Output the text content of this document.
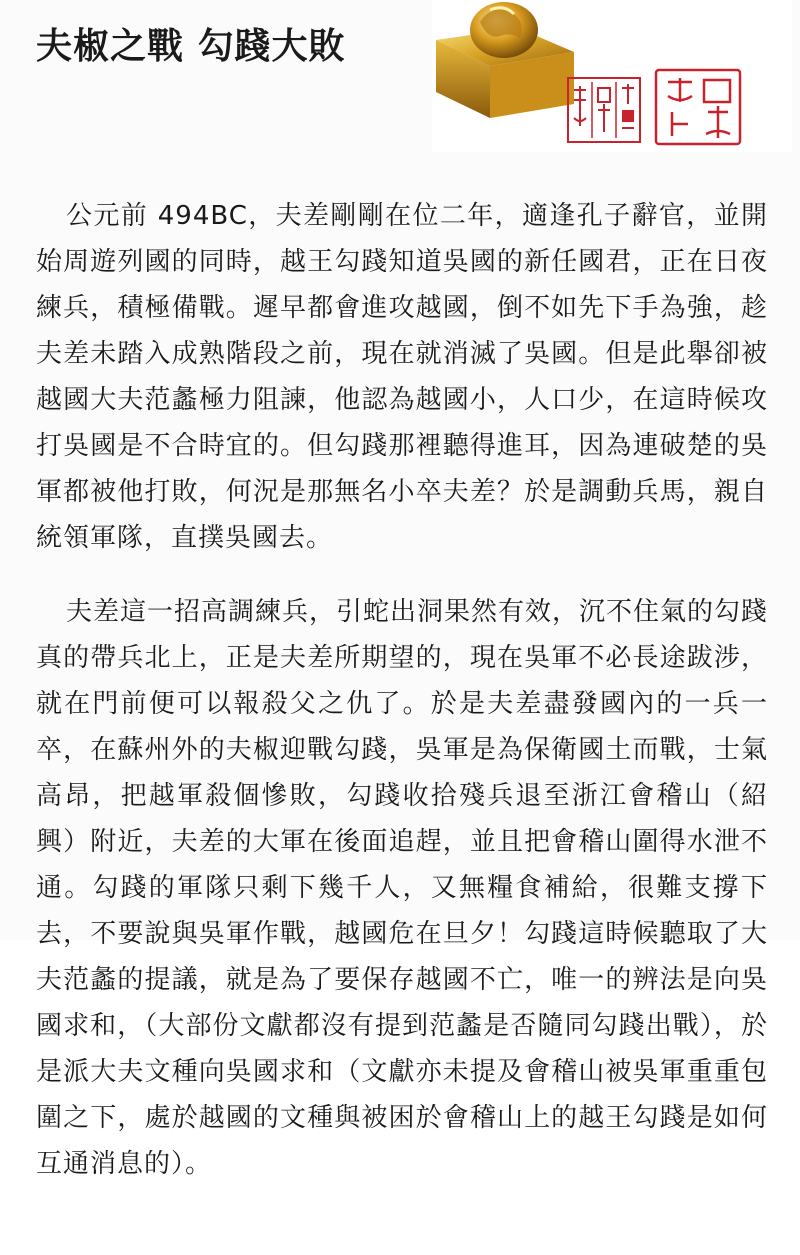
夫椒之戰 勾踐大敗

公元前 494BC，夫差剛剛在位二年，適逢孔子辭官，並開始周遊列國的同時，越王勾踐知道吳國的新任國君，正在日夜練兵，積極備戰。遲早都會進攻越國，倒不如先下手為強，趁夫差未踏入成熟階段之前，現在就消滅了吳國。但是此舉卻被越國大夫范蠡極力阻諫，他認為越國小，人口少，在這時候攻打吳國是不合時宜的。但勾踐那裡聽得進耳，因為連破楚的吳軍都被他打敗，何況是那無名小卒夫差？於是調動兵馬，親自統領軍隊，直撲吳國去。

夫差這一招高調練兵，引蛇出洞果然有效，沉不住氣的勾踐真的帶兵北上，正是夫差所期望的，現在吳軍不必長途跋涉，就在門前便可以報殺父之仇了。於是夫差盡發國內的一兵一卒，在蘇州外的夫椒迎戰勾踐，吳軍是為保衛國土而戰，士氣高昂，把越軍殺個慘敗，勾踐收拾殘兵退至浙江會稽山（紹興）附近，夫差的大軍在後面追趕，並且把會稽山圍得水泄不通。勾踐的軍隊只剩下幾千人，又無糧食補給，很難支撐下去，不要說與吳軍作戰，越國危在旦夕！勾踐這時候聽取了大夫范蠡的提議，就是為了要保存越國不亡，唯一的辨法是向吳國求和，（大部份文獻都沒有提到范蠡是否隨同勾踐出戰），於是派大夫文種向吳國求和（文獻亦未提及會稽山被吳軍重重包圍之下，處於越國的文種與被困於會稽山上的越王勾踐是如何互通消息的）。
